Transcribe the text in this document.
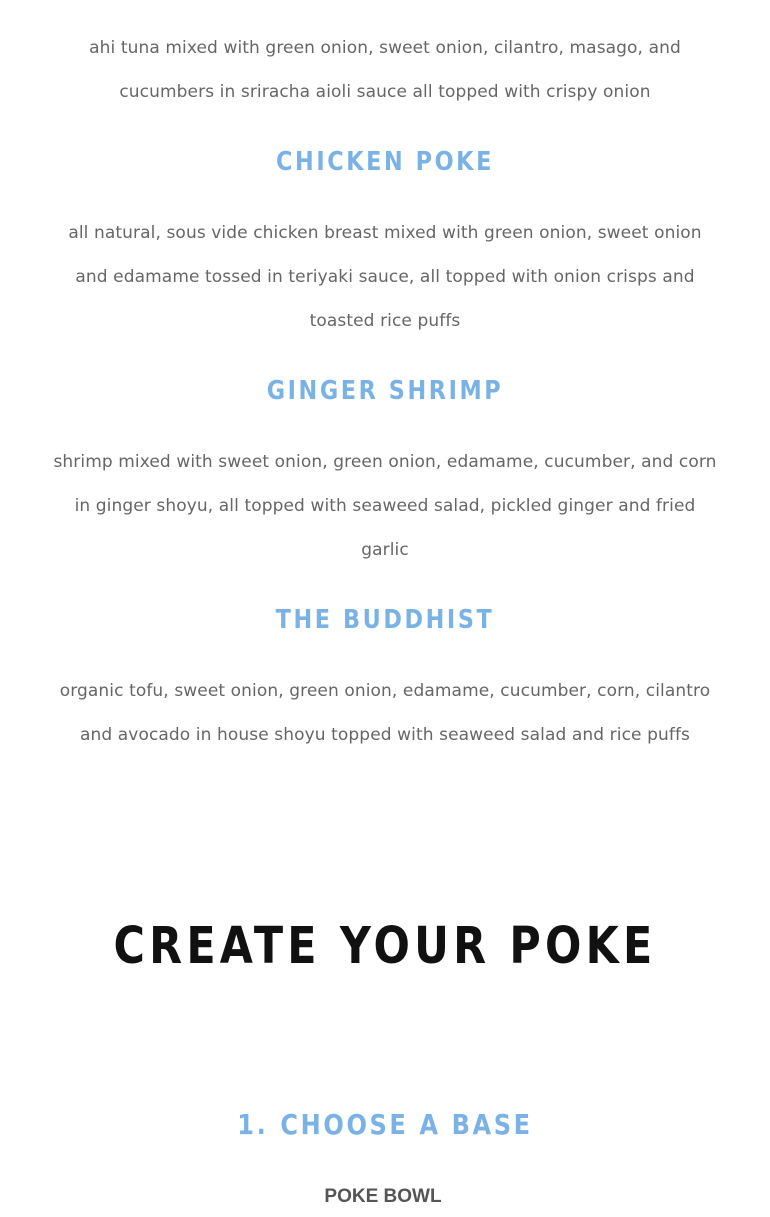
ahi tuna mixed with green onion, sweet onion, cilantro, masago, and cucumbers in sriracha aioli sauce all topped with crispy onion

CHICKEN POKE

all natural, sous vide chicken breast mixed with green onion, sweet onion and edamame tossed in teriyaki sauce, all topped with onion crisps and toasted rice puffs

GINGER SHRIMP

shrimp mixed with sweet onion, green onion, edamame, cucumber, and corn in ginger shoyu, all topped with seaweed salad, pickled ginger and fried garlic

THE BUDDHIST

organic tofu, sweet onion, green onion, edamame, cucumber, corn, cilantro and avocado in house shoyu topped with seaweed salad and rice puffs

CREATE YOUR POKE
1. CHOOSE A BASE
POKE BOWL
